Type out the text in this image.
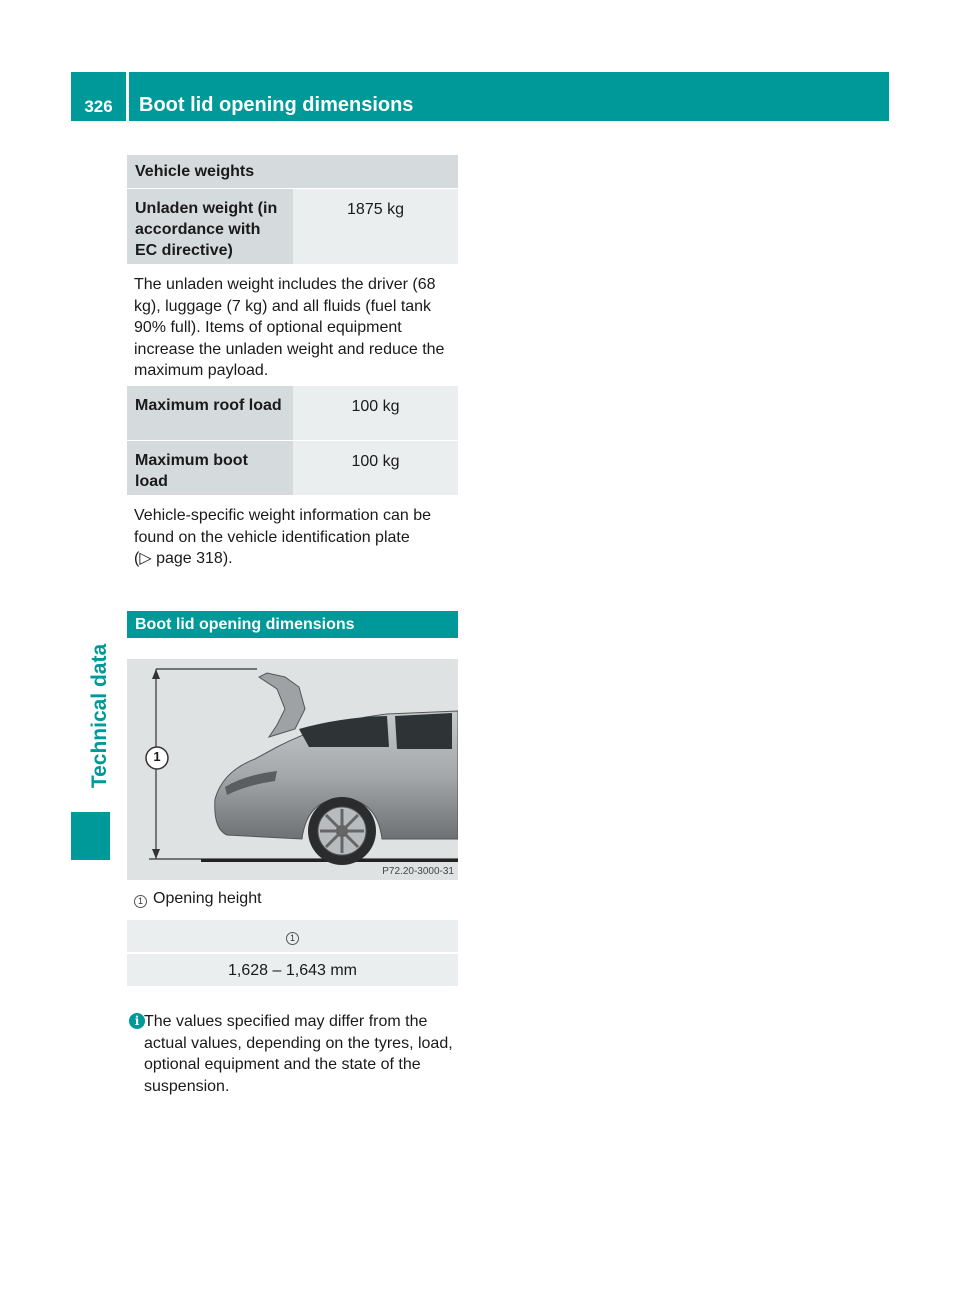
326	Boot lid opening dimensions
Technical data
Vehicle weights
Unladen weight (in accordance with EC directive)
1875 kg
The unladen weight includes the driver (68 kg), luggage (7 kg) and all fluids (fuel tank 90% full). Items of optional equipment increase the unladen weight and reduce the maximum payload.
Maximum roof load	100 kg
Maximum boot load
100 kg
Vehicle-specific weight information can be found on the vehicle identification plate
(▷ page 318).
Boot lid opening dimensions
1
P72.20-3000-31
1 Opening height
1
1,628 – 1,643 mm
i The values specified may differ from the actual values, depending on the tyres, load, optional equipment and the state of the suspension.
